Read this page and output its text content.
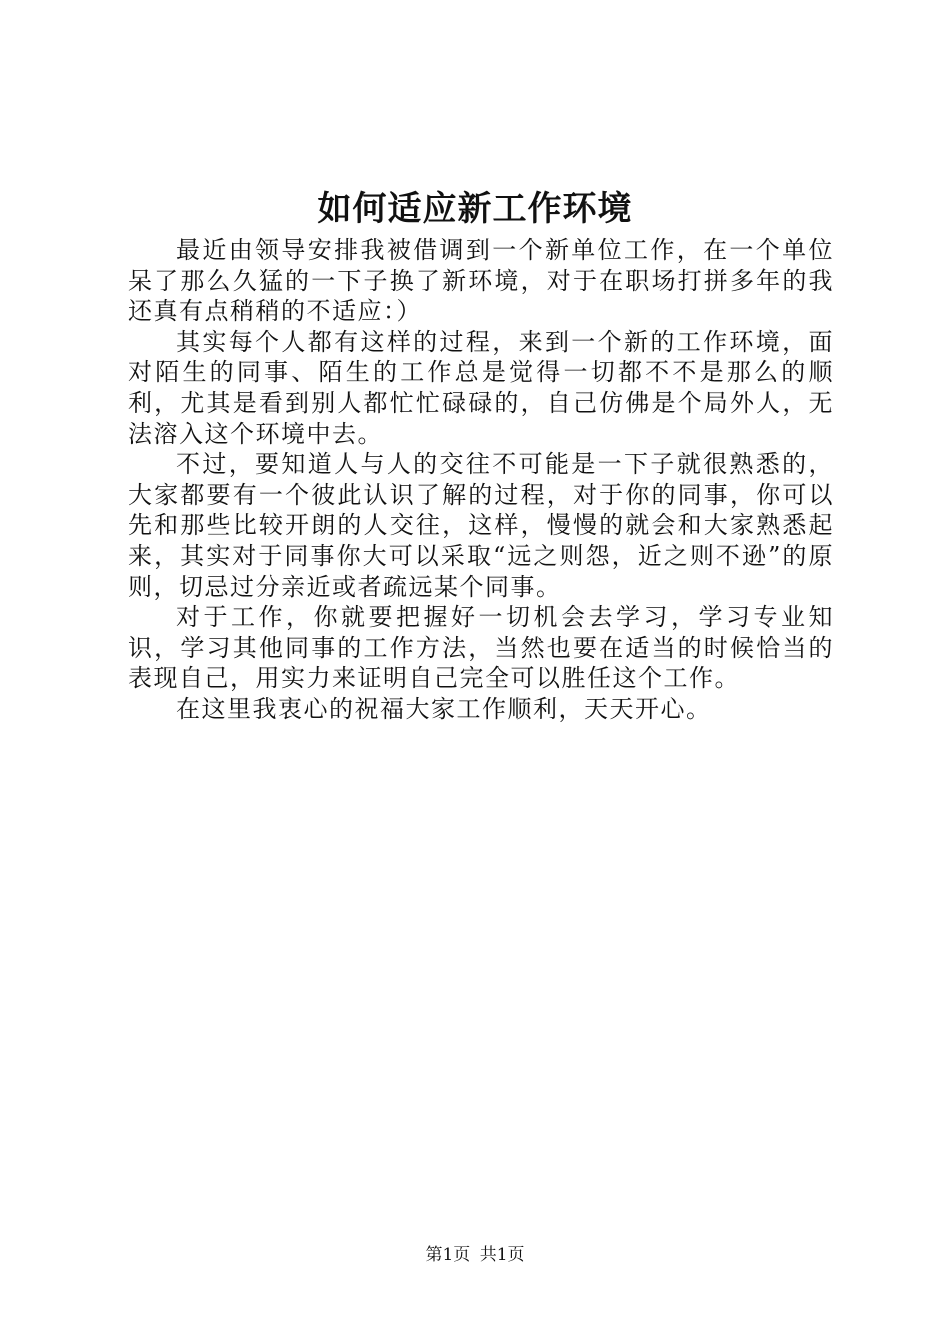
如何适应新工作环境

最近由领导安排我被借调到一个新单位工作，在一个单位呆了那么久猛的一下子换了新环境，对于在职场打拼多年的我还真有点稍稍的不适应：）

其实每个人都有这样的过程，来到一个新的工作环境，面对陌生的同事、陌生的工作总是觉得一切都不不是那么的顺利，尤其是看到别人都忙忙碌碌的，自己仿佛是个局外人，无法溶入这个环境中去。

不过，要知道人与人的交往不可能是一下子就很熟悉的，大家都要有一个彼此认识了解的过程，对于你的同事，你可以先和那些比较开朗的人交往，这样，慢慢的就会和大家熟悉起来，其实对于同事你大可以采取“远之则怨，近之则不逊”的原则，切忌过分亲近或者疏远某个同事。

对于工作，你就要把握好一切机会去学习，学习专业知识，学习其他同事的工作方法，当然也要在适当的时候恰当的表现自己，用实力来证明自己完全可以胜任这个工作。

在这里我衷心的祝福大家工作顺利，天天开心。

第1页 共1页
